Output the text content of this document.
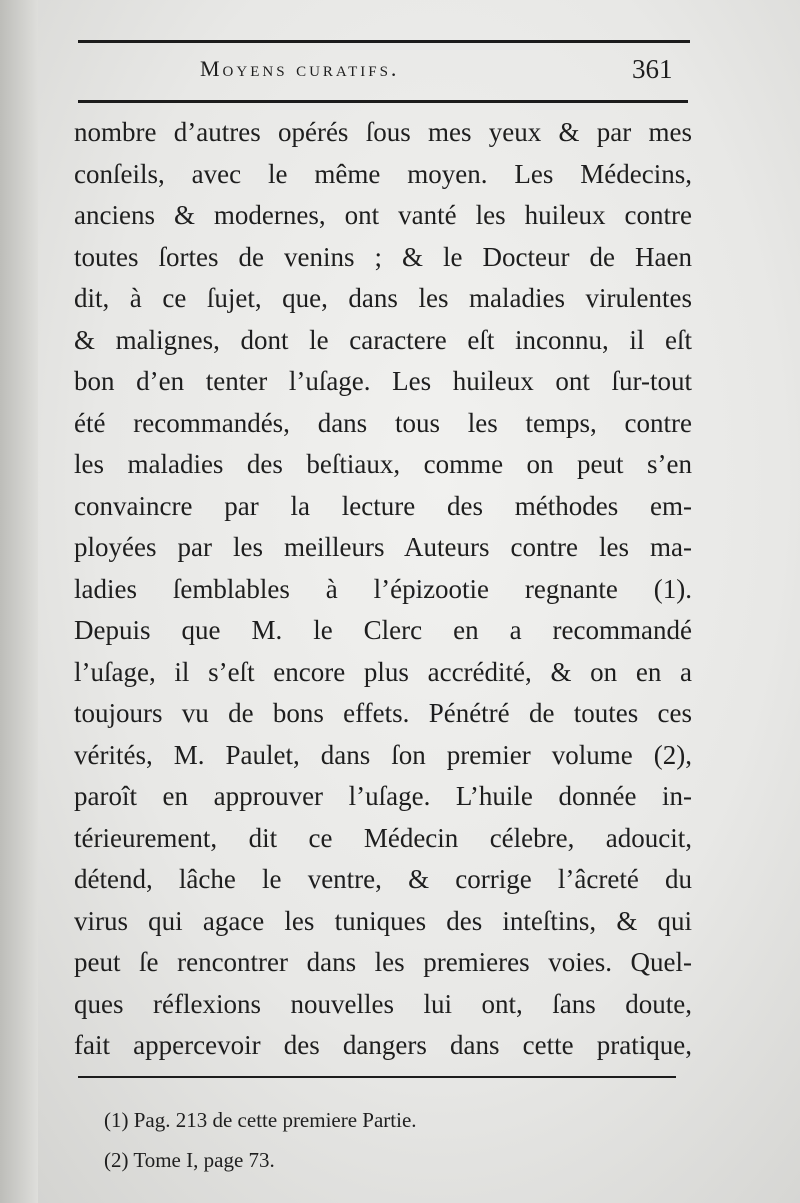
Moyens curatifs.	361
nombre d’autres opérés ſous mes yeux & par mes
conſeils, avec le même moyen. Les Médecins,
anciens & modernes, ont vanté les huileux contre
toutes ſortes de venins ; & le Docteur de Haen
dit, à ce ſujet, que, dans les maladies virulentes
& malignes, dont le caractere eſt inconnu, il eſt
bon d’en tenter l’uſage. Les huileux ont ſur-tout
été recommandés, dans tous les temps, contre
les maladies des beſtiaux, comme on peut s’en
convaincre par la lecture des méthodes em-
ployées par les meilleurs Auteurs contre les ma-
ladies ſemblables à l’épizootie regnante (1).
Depuis que M. le Clerc en a recommandé
l’uſage, il s’eſt encore plus accrédité, & on en a
toujours vu de bons effets. Pénétré de toutes ces
vérités, M. Paulet, dans ſon premier volume (2),
paroît en approuver l’uſage. L’huile donnée in-
térieurement, dit ce Médecin célebre, adoucit,
détend, lâche le ventre, & corrige l’âcreté du
virus qui agace les tuniques des inteſtins, & qui
peut ſe rencontrer dans les premieres voies. Quel-
ques réflexions nouvelles lui ont, ſans doute,
fait appercevoir des dangers dans cette pratique,
(1) Pag. 213 de cette premiere Partie.
(2) Tome I, page 73.
